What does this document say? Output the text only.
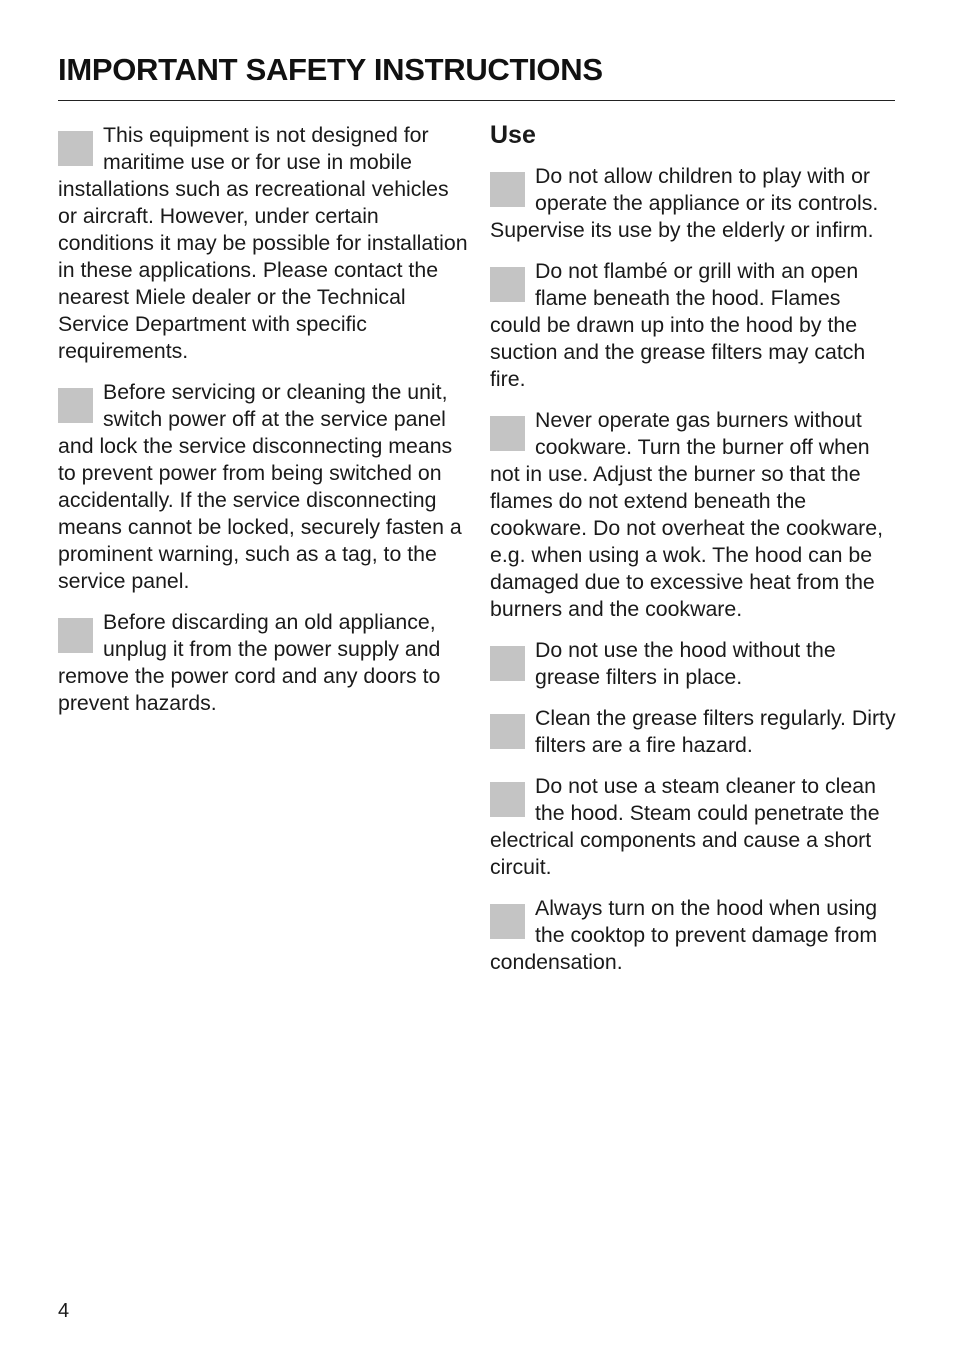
IMPORTANT SAFETY INSTRUCTIONS

This equipment is not designed for maritime use or for use in mobile installations such as recreational vehicles or aircraft. However, under certain conditions it may be possible for installation in these applications. Please contact the nearest Miele dealer or the Technical Service Department with specific requirements.

Before servicing or cleaning the unit, switch power off at the service panel and lock the service disconnecting means to prevent power from being switched on accidentally. If the service disconnecting means cannot be locked, securely fasten a prominent warning, such as a tag, to the service panel.

Before discarding an old appliance, unplug it from the power supply and remove the power cord and any doors to prevent hazards.

Use

Do not allow children to play with or operate the appliance or its controls. Supervise its use by the elderly or infirm.

Do not flambé or grill with an open flame beneath the hood. Flames could be drawn up into the hood by the suction and the grease filters may catch fire.

Never operate gas burners without cookware. Turn the burner off when not in use. Adjust the burner so that the flames do not extend beneath the cookware. Do not overheat the cookware, e.g. when using a wok. The hood can be damaged due to excessive heat from the burners and the cookware.

Do not use the hood without the grease filters in place.

Clean the grease filters regularly. Dirty filters are a fire hazard.

Do not use a steam cleaner to clean the hood. Steam could penetrate the electrical components and cause a short circuit.

Always turn on the hood when using the cooktop to prevent damage from condensation.

4
